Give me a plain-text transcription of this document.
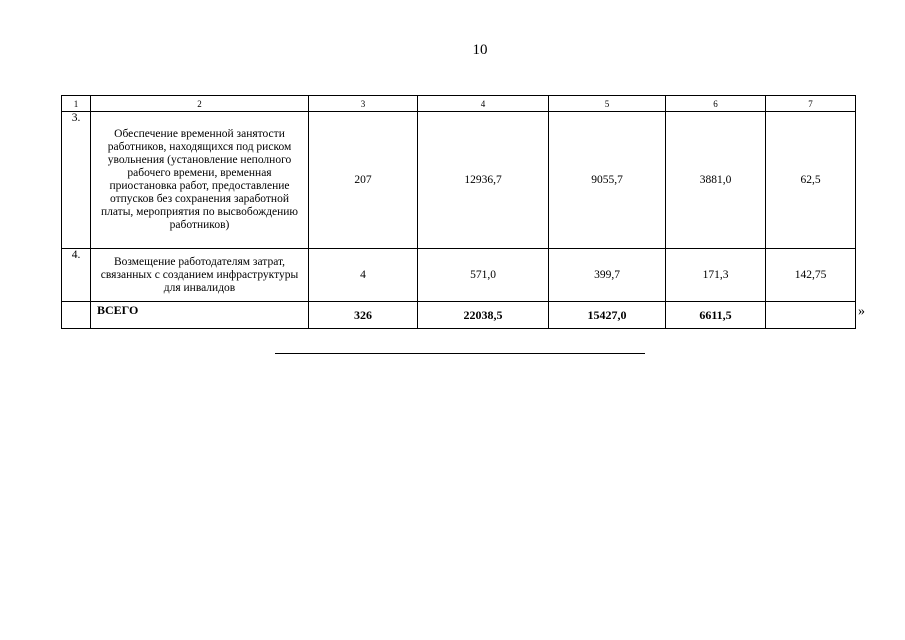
10
1	2	3	4	5	6	7
3.	Обеспечение временной занятости работников, находящихся под риском увольнения (установление неполного рабочего времени, временная приостановка работ, предоставление отпусков без сохранения заработной платы, мероприятия по высвобождению работников)	207	12936,7	9055,7	3881,0	62,5
4.	Возмещение работодателям затрат, связанных с созданием инфраструктуры для инвалидов	4	571,0	399,7	171,3	142,75
	ВСЕГО	326	22038,5	15427,0	6611,5		»
